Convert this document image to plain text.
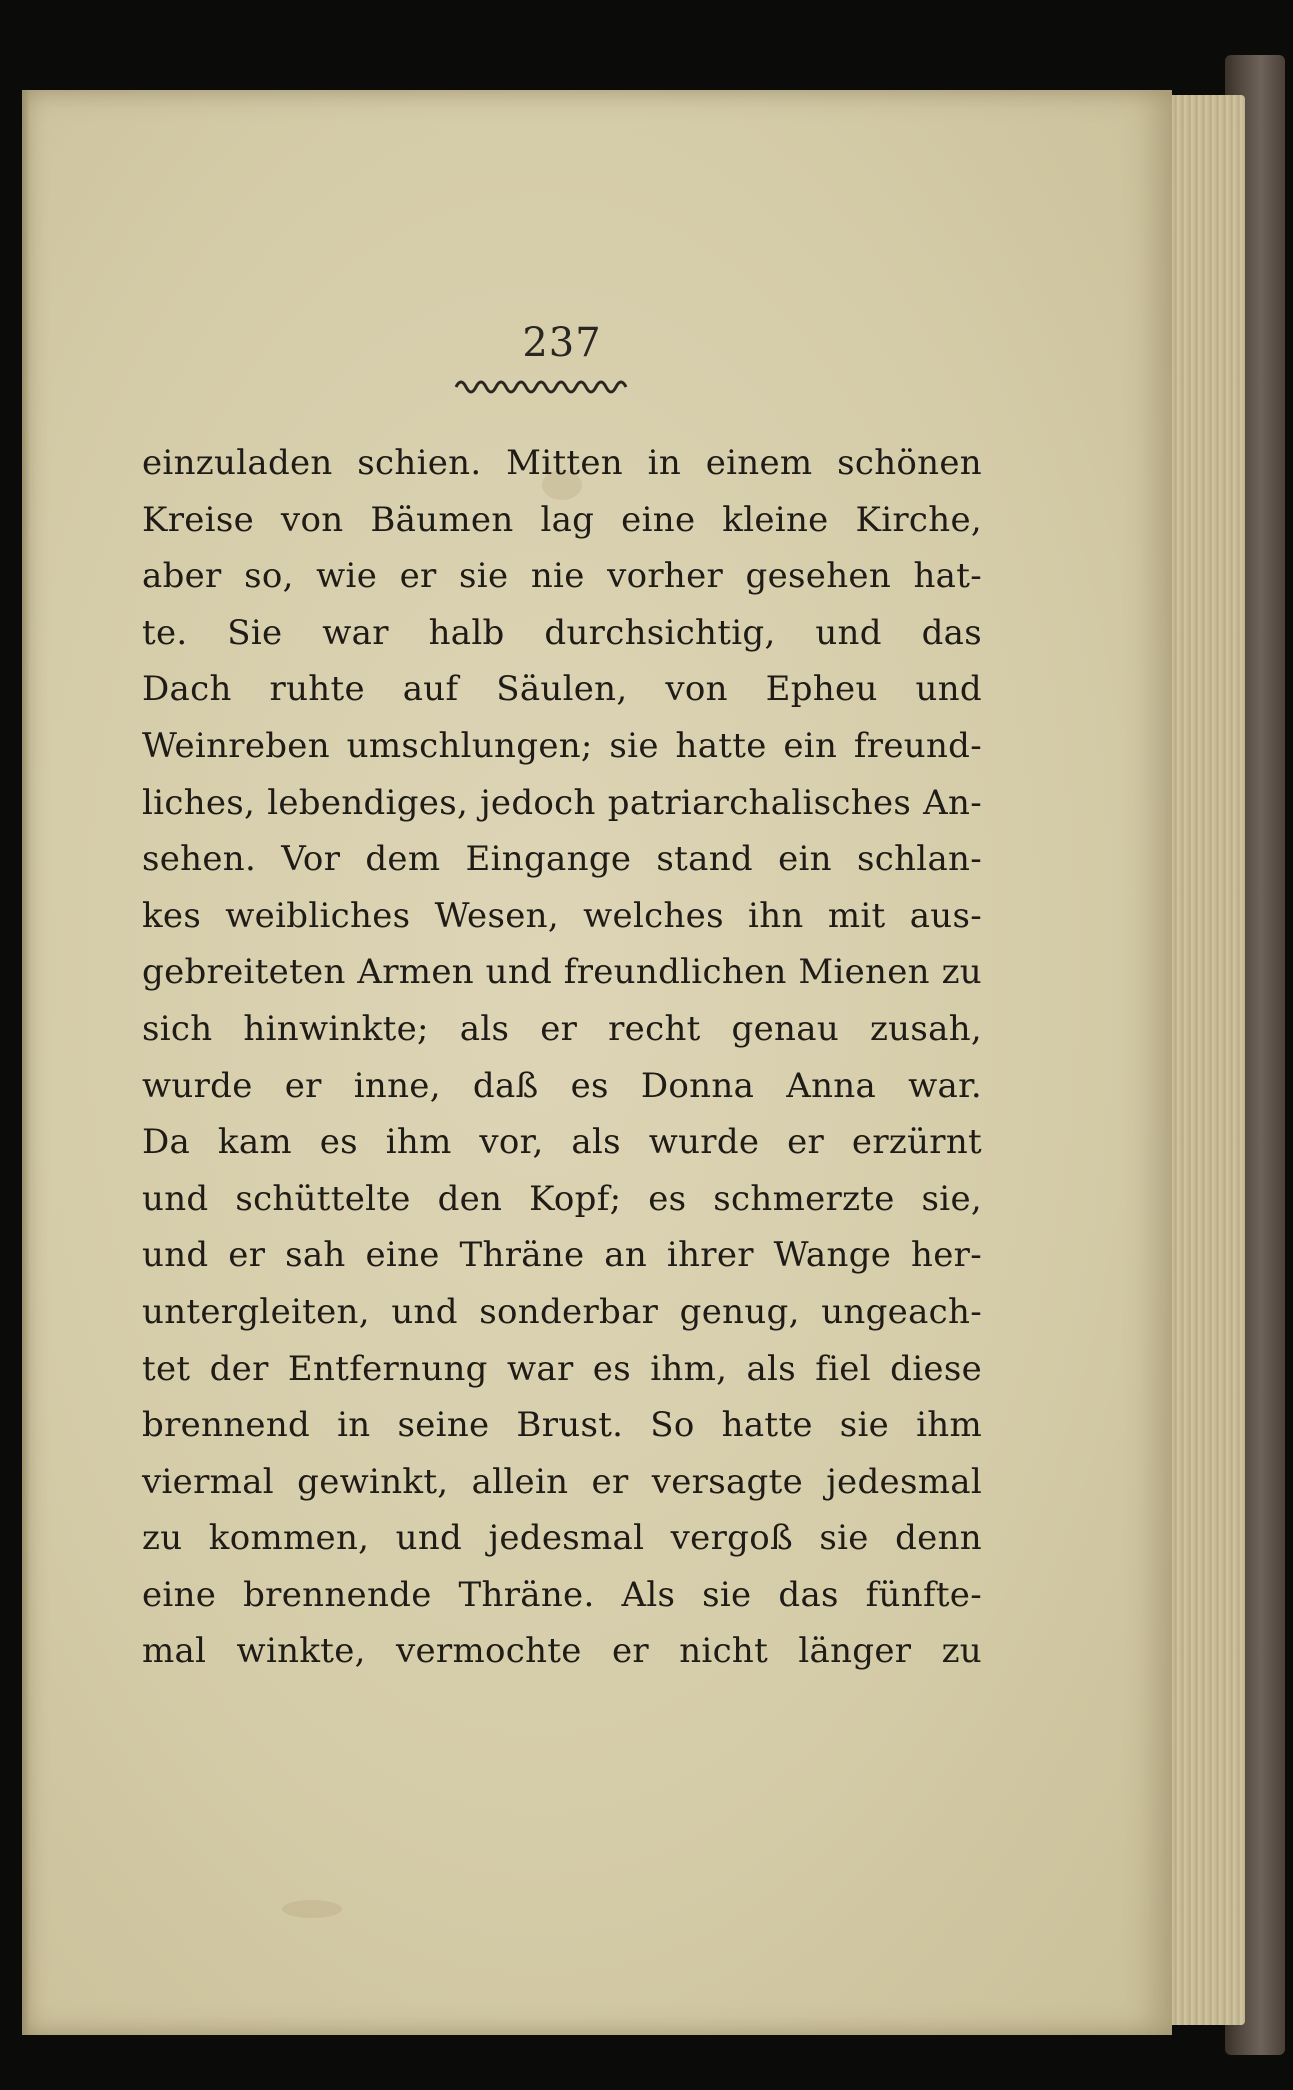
237
einzuladen schien. Mitten in einem schönen
Kreise von Bäumen lag eine kleine Kirche,
aber so, wie er sie nie vorher gesehen hat-
te. Sie war halb durchsichtig, und das
Dach ruhte auf Säulen, von Epheu und
Weinreben umschlungen; sie hatte ein freund-
liches, lebendiges, jedoch patriarchalisches An-
sehen. Vor dem Eingange stand ein schlan-
kes weibliches Wesen, welches ihn mit aus-
gebreiteten Armen und freundlichen Mienen zu
sich hinwinkte; als er recht genau zusah,
wurde er inne, daß es Donna Anna war.
Da kam es ihm vor, als wurde er erzürnt
und schüttelte den Kopf; es schmerzte sie,
und er sah eine Thräne an ihrer Wange her-
untergleiten, und sonderbar genug, ungeach-
tet der Entfernung war es ihm, als fiel diese
brennend in seine Brust. So hatte sie ihm
viermal gewinkt, allein er versagte jedesmal
zu kommen, und jedesmal vergoß sie denn
eine brennende Thräne. Als sie das fünfte-
mal winkte, vermochte er nicht länger zu
